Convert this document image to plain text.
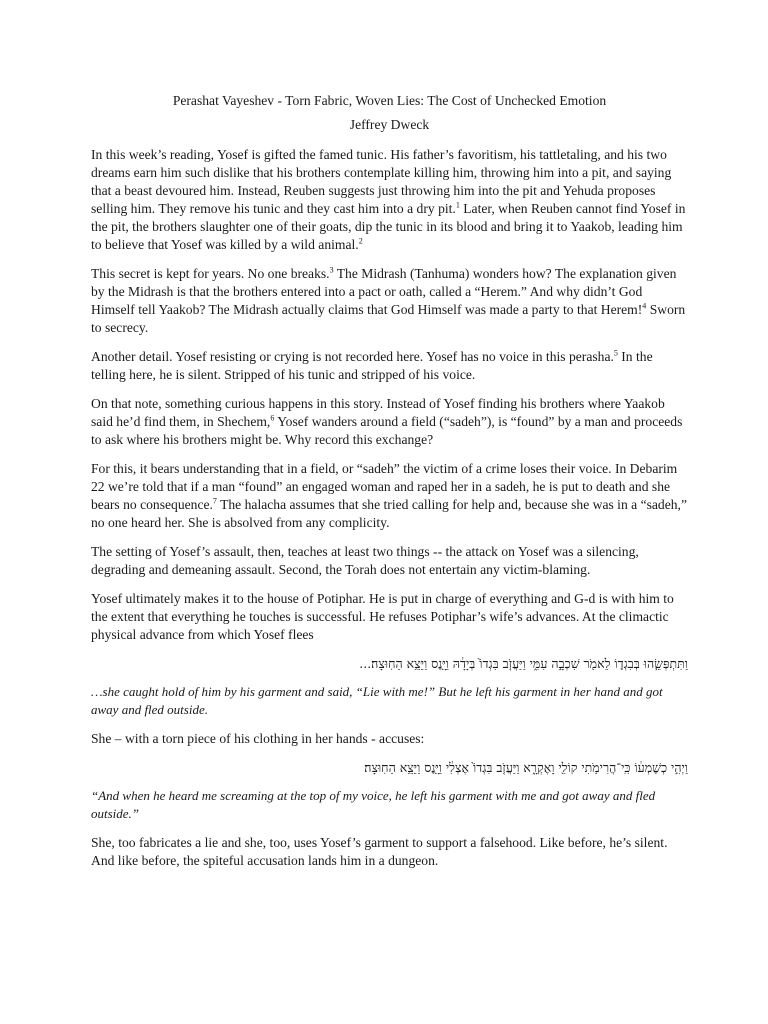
Perashat Vayeshev - Torn Fabric, Woven Lies: The Cost of Unchecked Emotion
Jeffrey Dweck

In this week’s reading, Yosef is gifted the famed tunic. His father’s favoritism, his tattletaling, and his two dreams earn him such dislike that his brothers contemplate killing him, throwing him into a pit, and saying that a beast devoured him. Instead, Reuben suggests just throwing him into the pit and Yehuda proposes selling him. They remove his tunic and they cast him into a dry pit.$^1$ Later, when Reuben cannot find Yosef in the pit, the brothers slaughter one of their goats, dip the tunic in its blood and bring it to Yaakob, leading him to believe that Yosef was killed by a wild animal.$^2$

This secret is kept for years. No one breaks.$^3$ The Midrash (Tanhuma) wonders how? The explanation given by the Midrash is that the brothers entered into a pact or oath, called a “Herem.” And why didn’t God Himself tell Yaakob? The Midrash actually claims that God Himself was made a party to that Herem!$^4$ Sworn to secrecy.

Another detail. Yosef resisting or crying is not recorded here. Yosef has no voice in this perasha.$^5$ In the telling here, he is silent. Stripped of his tunic and stripped of his voice.

On that note, something curious happens in this story. Instead of Yosef finding his brothers where Yaakob said he’d find them, in Shechem,$^6$ Yosef wanders around a field (“sadeh”), is “found” by a man and proceeds to ask where his brothers might be. Why record this exchange?

For this, it bears understanding that in a field, or “sadeh” the victim of a crime loses their voice. In Debarim 22 we’re told that if a man “found” an engaged woman and raped her in a sadeh, he is put to death and she bears no consequence.$^7$ The halacha assumes that she tried calling for help and, because she was in a “sadeh,” no one heard her. She is absolved from any complicity.

The setting of Yosef’s assault, then, teaches at least two things -- the attack on Yosef was a silencing, degrading and demeaning assault. Second, the Torah does not entertain any victim-blaming.

Yosef ultimately makes it to the house of Potiphar. He is put in charge of everything and G-d is with him to the extent that everything he touches is successful. He refuses Potiphar’s wife’s advances. At the climactic physical advance from which Yosef flees

וַתִּתְפְּשֵׂ֧הוּ בְּבִגְד֛וֹ לֵאמֹ֖ר שִׁכְבָ֣ה עִמִּ֑י וַיַּעֲזֹ֤ב בִּגְדוֹ֙ בְּיָדָ֔הּ וַיָּ֖נׇס וַיֵּצֵ֥א הַחֽוּצָה׃...

…she caught hold of him by his garment and said, “Lie with me!” But he left his garment in her hand and got away and fled outside.

She – with a torn piece of his clothing in her hands - accuses:

וַיְהִ֣י כְשׇׁמְע֔וֹ כִּֽי־הֲרִימֹ֥תִי קוֹלִ֖י וָאֶקְרָ֑א וַיַּעֲזֹ֤ב בִּגְדוֹ֙ אֶצְלִ֔י וַיָּ֖נׇס וַיֵּצֵ֥א הַחֽוּצָה׃

“And when he heard me screaming at the top of my voice, he left his garment with me and got away and fled outside.”

She, too fabricates a lie and she, too, uses Yosef’s garment to support a falsehood. Like before, he’s silent. And like before, the spiteful accusation lands him in a dungeon.
